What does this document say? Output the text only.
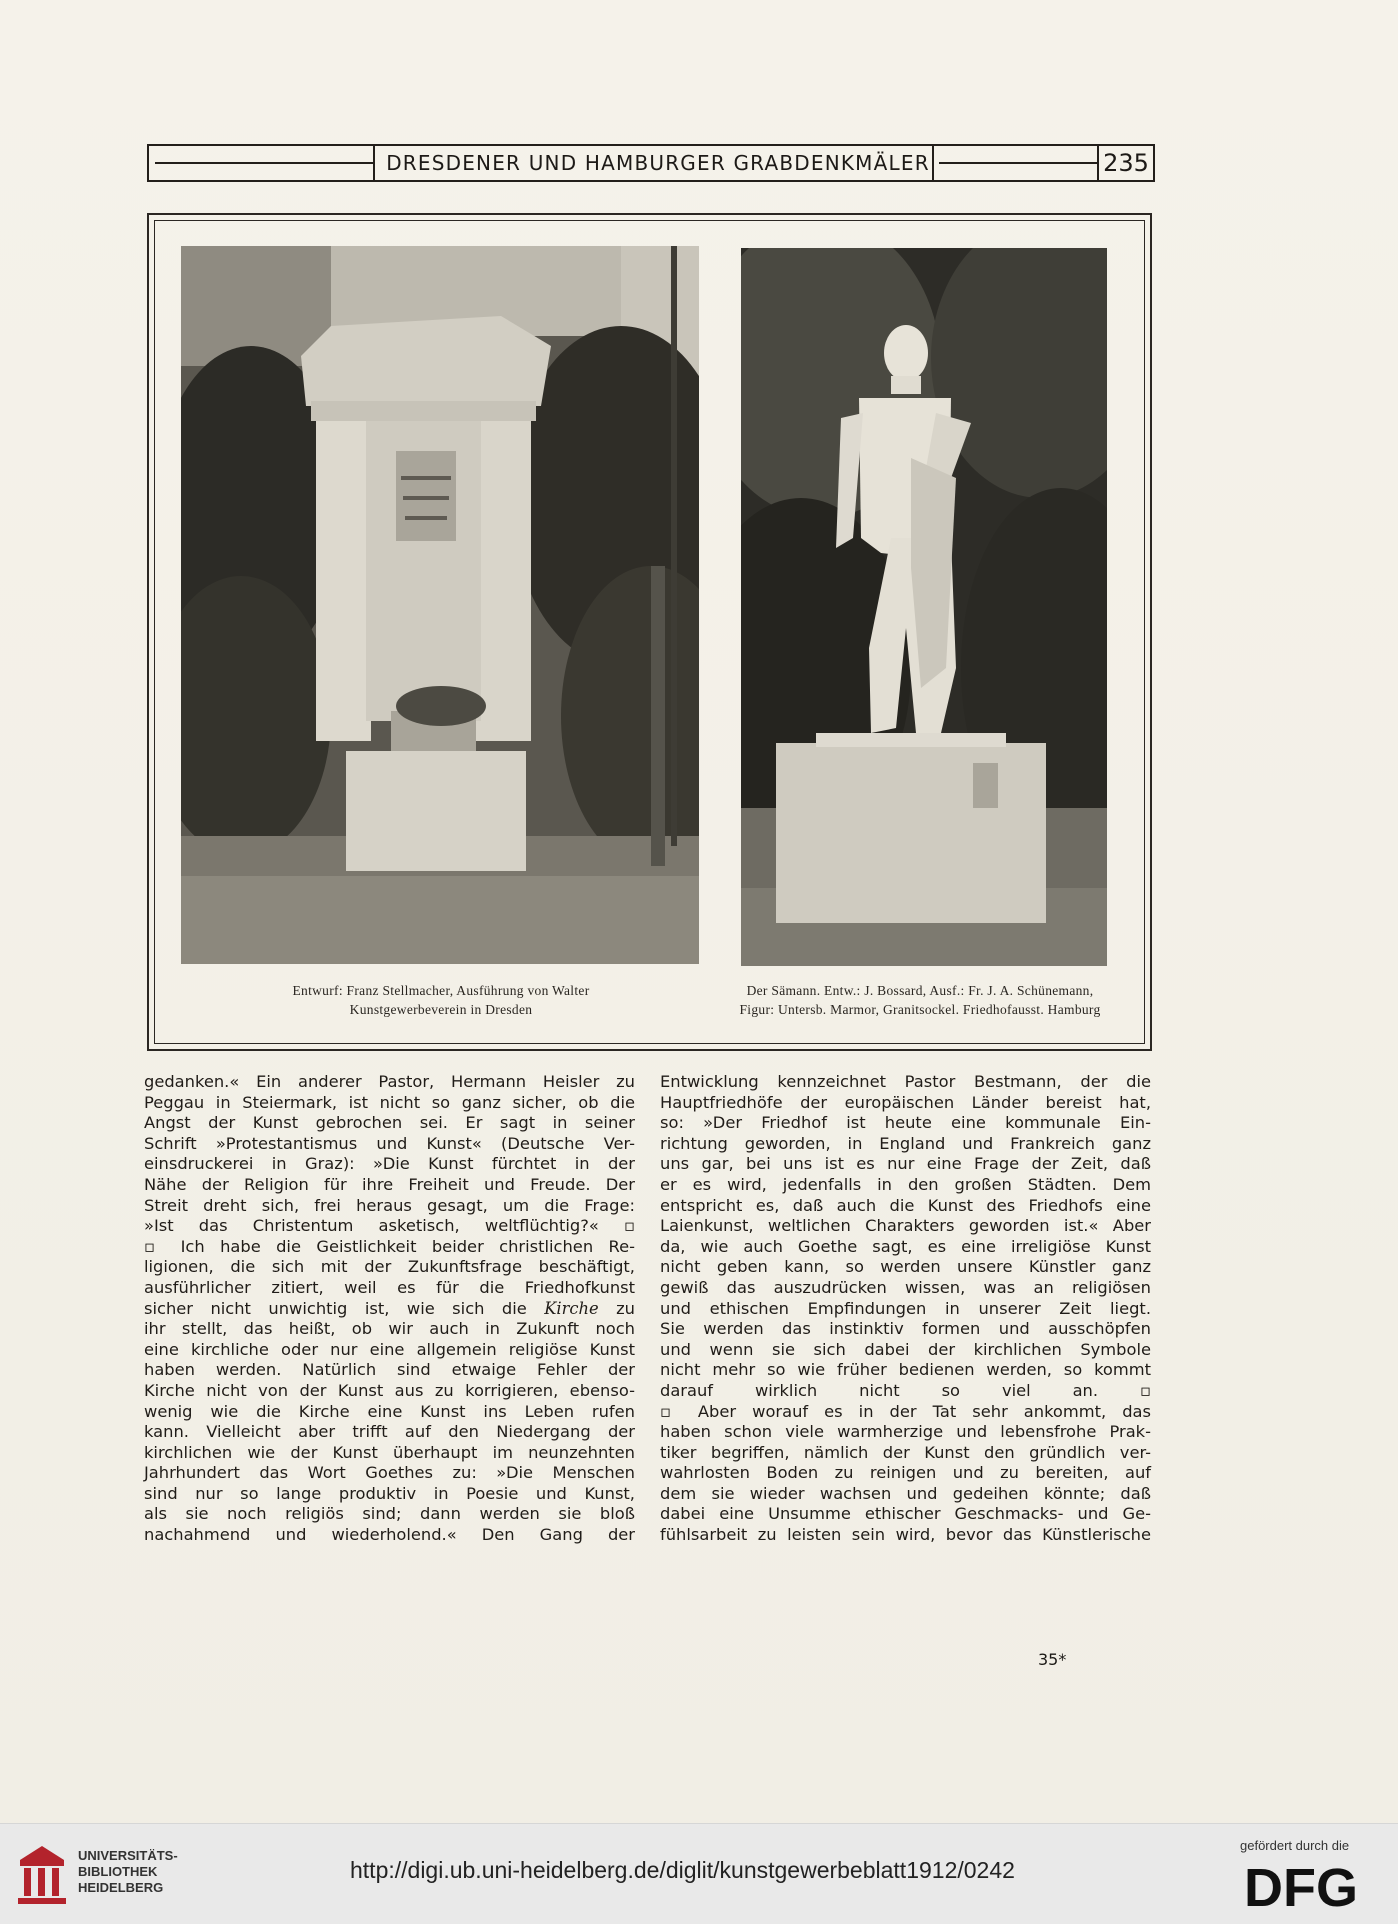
DRESDENER UND HAMBURGER GRABDENKMÄLER	235
Entwurf: Franz Stellmacher, Ausführung von Walter
Kunstgewerbeverein in Dresden
Der Sämann. Entw.: J. Bossard, Ausf.: Fr. J. A. Schünemann,
Figur: Untersb. Marmor, Granitsockel. Friedhofausst. Hamburg
gedanken.« Ein anderer Pastor, Hermann Heisler zu
Peggau in Steiermark, ist nicht so ganz sicher, ob die
Angst der Kunst gebrochen sei. Er sagt in seiner
Schrift »Protestantismus und Kunst« (Deutsche Ver-
einsdruckerei in Graz): »Die Kunst fürchtet in der
Nähe der Religion für ihre Freiheit und Freude. Der
Streit dreht sich, frei heraus gesagt, um die Frage:
»Ist das Christentum asketisch, weltflüchtig?« ▫
▫ Ich habe die Geistlichkeit beider christlichen Re-
ligionen, die sich mit der Zukunftsfrage beschäftigt,
ausführlicher zitiert, weil es für die Friedhofkunst
sicher nicht unwichtig ist, wie sich die Kirche zu
ihr stellt, das heißt, ob wir auch in Zukunft noch
eine kirchliche oder nur eine allgemein religiöse Kunst
haben werden. Natürlich sind etwaige Fehler der
Kirche nicht von der Kunst aus zu korrigieren, ebenso-
wenig wie die Kirche eine Kunst ins Leben rufen
kann. Vielleicht aber trifft auf den Niedergang der
kirchlichen wie der Kunst überhaupt im neunzehnten
Jahrhundert das Wort Goethes zu: »Die Menschen
sind nur so lange produktiv in Poesie und Kunst,
als sie noch religiös sind; dann werden sie bloß
nachahmend und wiederholend.« Den Gang der
Entwicklung kennzeichnet Pastor Bestmann, der die
Hauptfriedhöfe der europäischen Länder bereist hat,
so: »Der Friedhof ist heute eine kommunale Ein-
richtung geworden, in England und Frankreich ganz
uns gar, bei uns ist es nur eine Frage der Zeit, daß
er es wird, jedenfalls in den großen Städten. Dem
entspricht es, daß auch die Kunst des Friedhofs eine
Laienkunst, weltlichen Charakters geworden ist.« Aber
da, wie auch Goethe sagt, es eine irreligiöse Kunst
nicht geben kann, so werden unsere Künstler ganz
gewiß das auszudrücken wissen, was an religiösen
und ethischen Empfindungen in unserer Zeit liegt.
Sie werden das instinktiv formen und ausschöpfen
und wenn sie sich dabei der kirchlichen Symbole
nicht mehr so wie früher bedienen werden, so kommt
darauf wirklich nicht so viel an. ▫
▫ Aber worauf es in der Tat sehr ankommt, das
haben schon viele warmherzige und lebensfrohe Prak-
tiker begriffen, nämlich der Kunst den gründlich ver-
wahrlosten Boden zu reinigen und zu bereiten, auf
dem sie wieder wachsen und gedeihen könnte; daß
dabei eine Unsumme ethischer Geschmacks- und Ge-
fühlsarbeit zu leisten sein wird, bevor das Künstlerische
35*
UNIVERSITÄTS-
BIBLIOTHEK
HEIDELBERG
http://digi.ub.uni-heidelberg.de/diglit/kunstgewerbeblatt1912/0242
gefördert durch die
DFG
